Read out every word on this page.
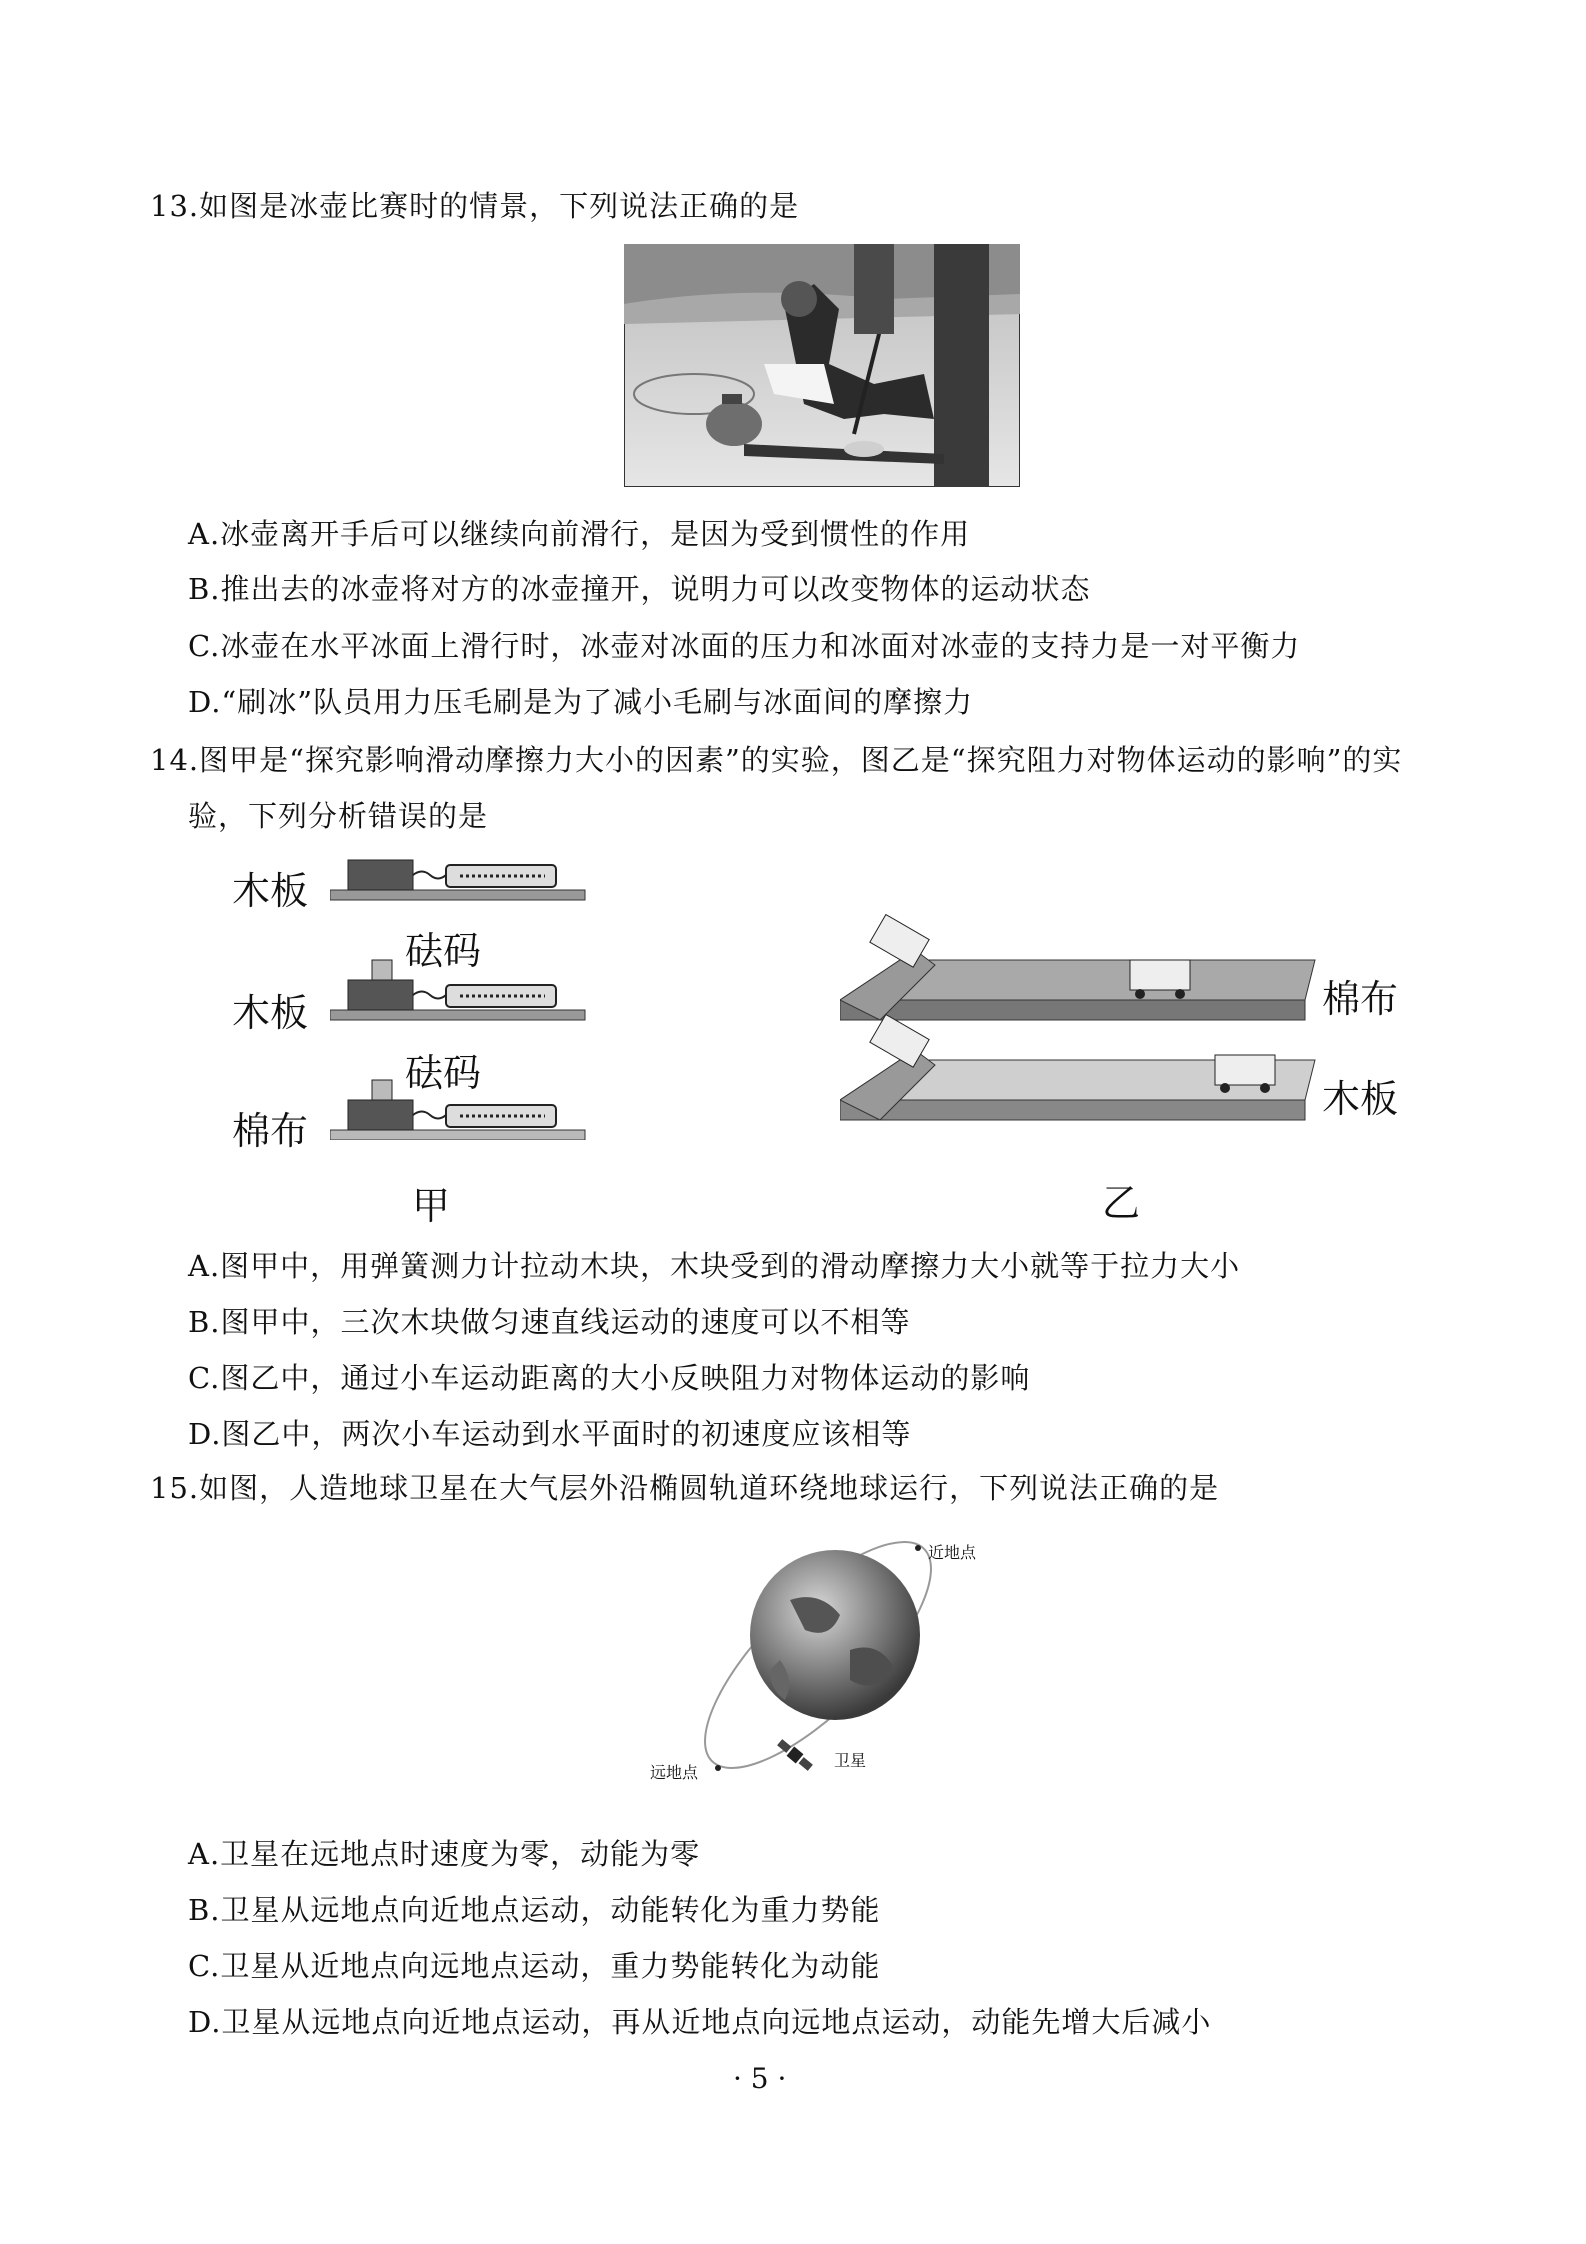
13.如图是冰壶比赛时的情景，下列说法正确的是
A.冰壶离开手后可以继续向前滑行，是因为受到惯性的作用
B.推出去的冰壶将对方的冰壶撞开，说明力可以改变物体的运动状态
C.冰壶在水平冰面上滑行时，冰壶对冰面的压力和冰面对冰壶的支持力是一对平衡力
D.“刷冰”队员用力压毛刷是为了减小毛刷与冰面间的摩擦力
14.图甲是“探究影响滑动摩擦力大小的因素”的实验，图乙是“探究阻力对物体运动的影响”的实
验，下列分析错误的是
木板
砝码
木板
砝码
棉布
甲
棉布
木板
乙
A.图甲中，用弹簧测力计拉动木块，木块受到的滑动摩擦力大小就等于拉力大小
B.图甲中，三次木块做匀速直线运动的速度可以不相等
C.图乙中，通过小车运动距离的大小反映阻力对物体运动的影响
D.图乙中，两次小车运动到水平面时的初速度应该相等
15.如图，人造地球卫星在大气层外沿椭圆轨道环绕地球运行，下列说法正确的是
近地点
远地点
卫星
A.卫星在远地点时速度为零，动能为零
B.卫星从远地点向近地点运动，动能转化为重力势能
C.卫星从近地点向远地点运动，重力势能转化为动能
D.卫星从远地点向近地点运动，再从近地点向远地点运动，动能先增大后减小
· 5 ·
